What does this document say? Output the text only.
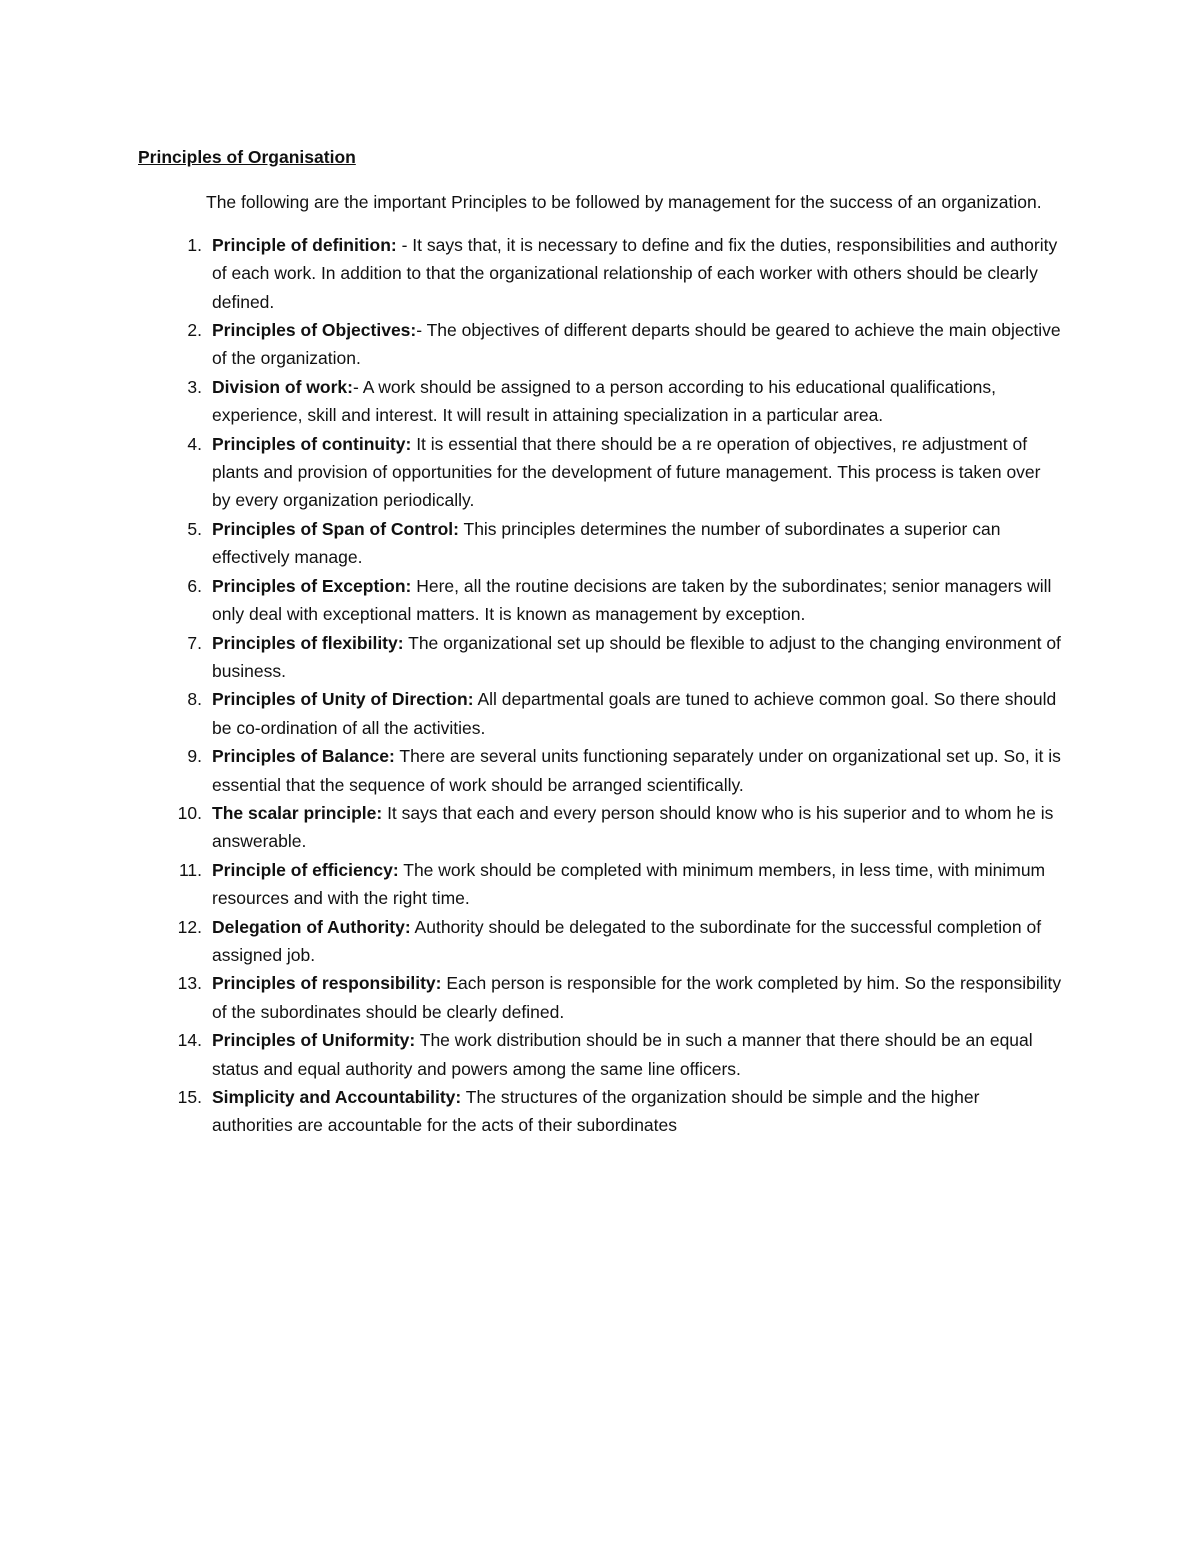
Principles of Organisation

The following are the important Principles to be followed by management for the success of an organization.

1. Principle of definition: - It says that, it is necessary to define and fix the duties, responsibilities and authority of each work. In addition to that the organizational relationship of each worker with others should be clearly defined.
2. Principles of Objectives:- The objectives of different departs should be geared to achieve the main objective of the organization.
3. Division of work:- A work should be assigned to a person according to his educational qualifications, experience, skill and interest. It will result in attaining specialization in a particular area.
4. Principles of continuity: It is essential that there should be a re operation of objectives, re adjustment of plants and provision of opportunities for the development of future management. This process is taken over by every organization periodically.
5. Principles of Span of Control: This principles determines the number of subordinates a superior can effectively manage.
6. Principles of Exception: Here, all the routine decisions are taken by the subordinates; senior managers will only deal with exceptional matters. It is known as management by exception.
7. Principles of flexibility: The organizational set up should be flexible to adjust to the changing environment of business.
8. Principles of Unity of Direction: All departmental goals are tuned to achieve common goal. So there should be co-ordination of all the activities.
9. Principles of Balance: There are several units functioning separately under on organizational set up. So, it is essential that the sequence of work should be arranged scientifically.
10. The scalar principle: It says that each and every person should know who is his superior and to whom he is answerable.
11. Principle of efficiency: The work should be completed with minimum members, in less time, with minimum resources and with the right time.
12. Delegation of Authority: Authority should be delegated to the subordinate for the successful completion of assigned job.
13. Principles of responsibility: Each person is responsible for the work completed by him. So the responsibility of the subordinates should be clearly defined.
14. Principles of Uniformity: The work distribution should be in such a manner that there should be an equal status and equal authority and powers among the same line officers.
15. Simplicity and Accountability: The structures of the organization should be simple and the higher authorities are accountable for the acts of their subordinates
